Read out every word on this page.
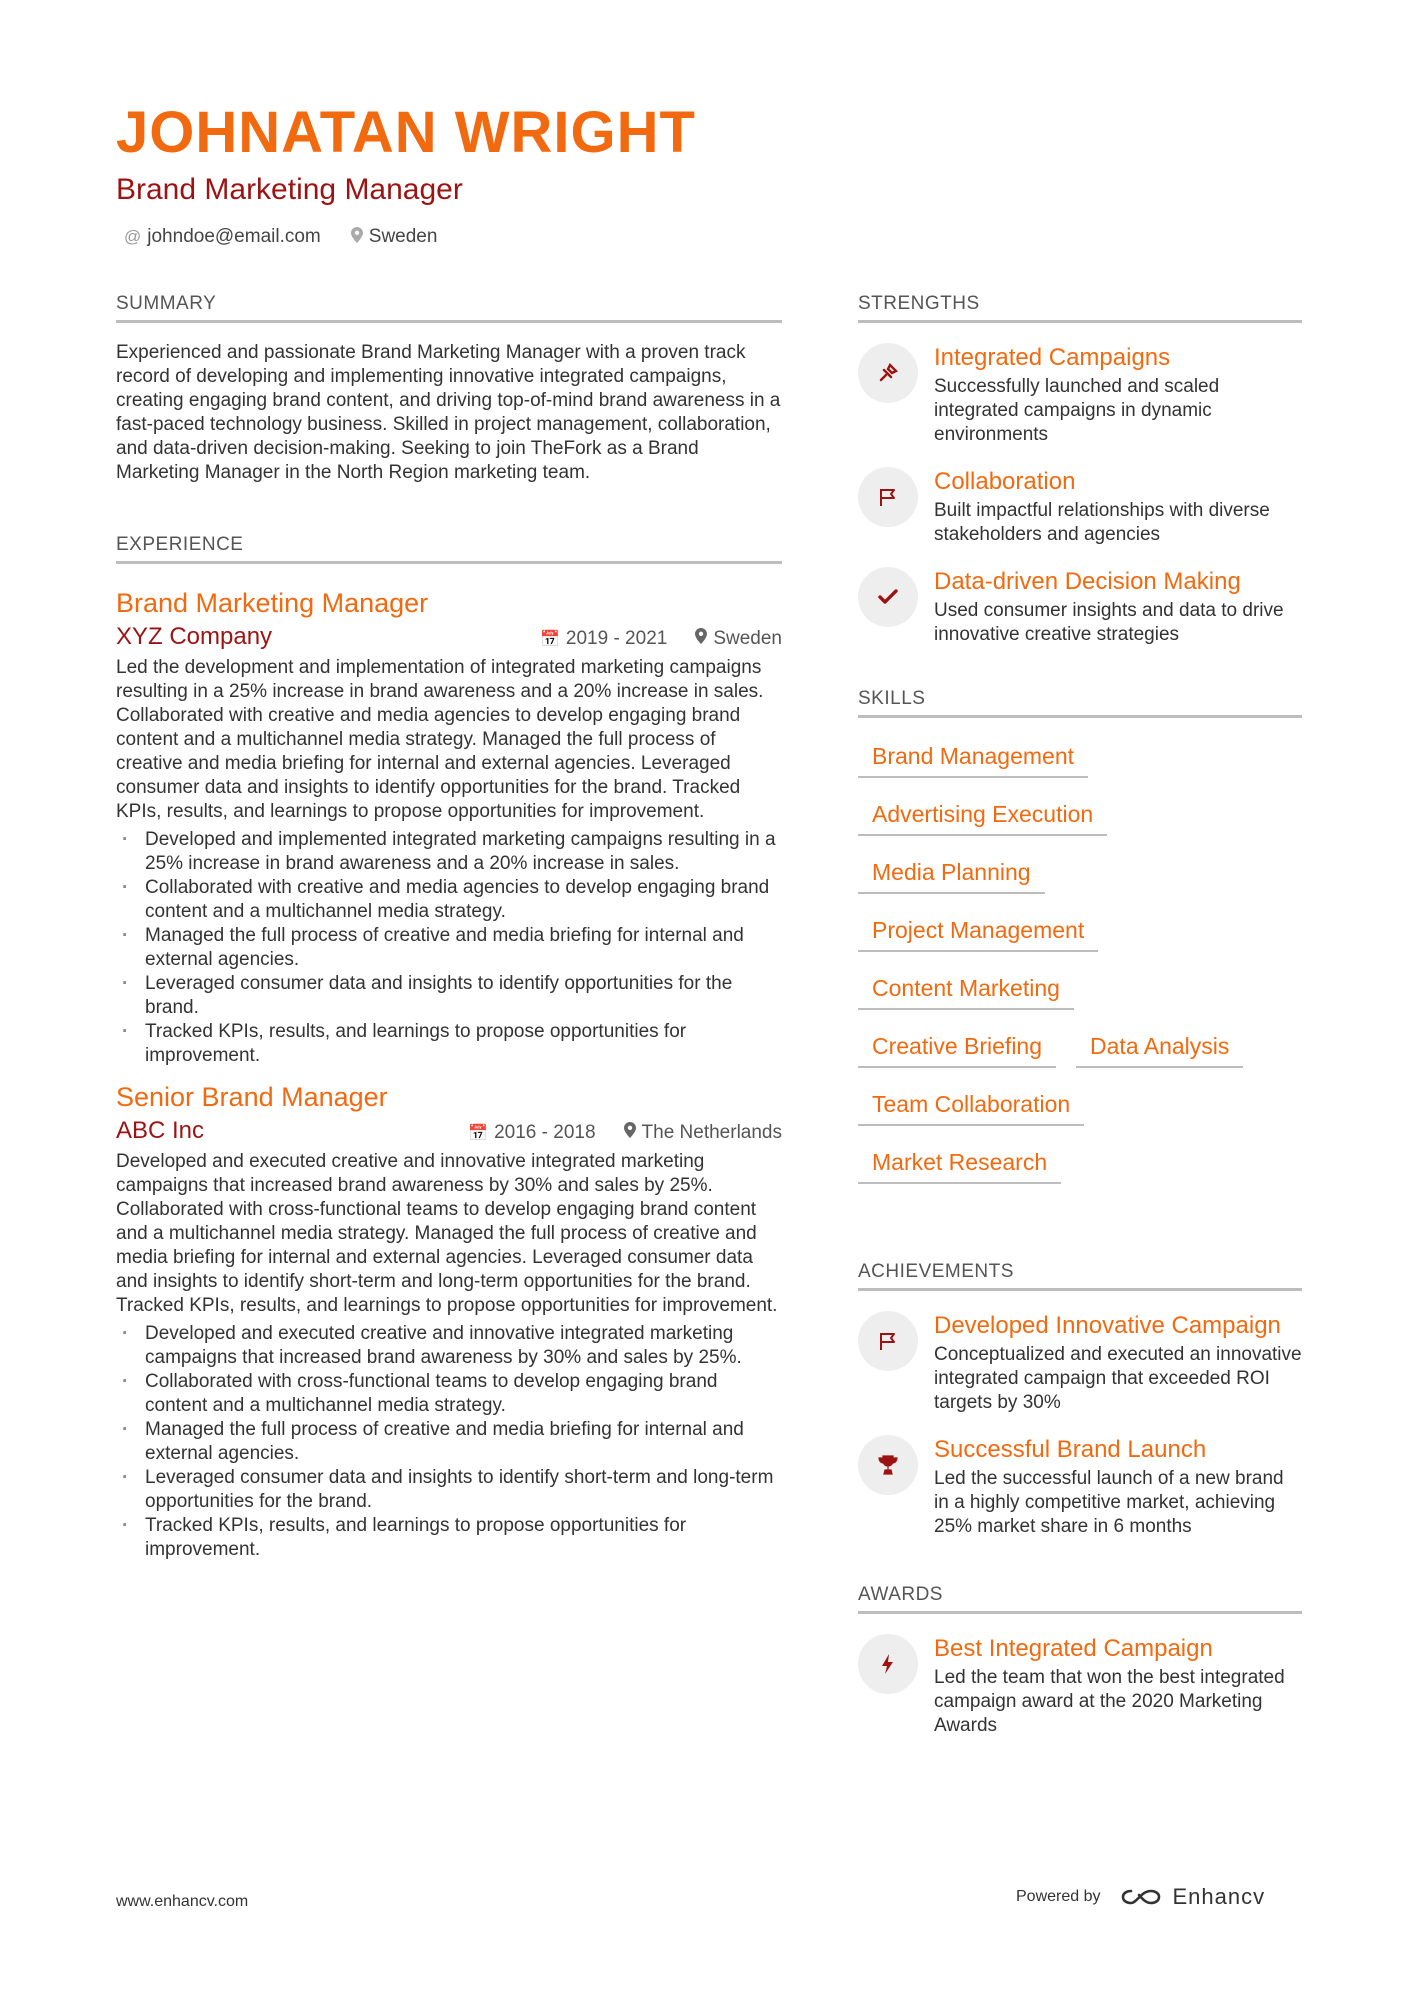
JOHNATAN WRIGHT
Brand Marketing Manager
@ johndoe@email.com	Sweden
SUMMARY
Experienced and passionate Brand Marketing Manager with a proven track record of developing and implementing innovative integrated campaigns, creating engaging brand content, and driving top-of-mind brand awareness in a fast-paced technology business. Skilled in project management, collaboration, and data-driven decision-making. Seeking to join TheFork as a Brand Marketing Manager in the North Region marketing team.
EXPERIENCE
Brand Marketing Manager
XYZ Company	📅 2019 - 2021	Sweden
Led the development and implementation of integrated marketing campaigns resulting in a 25% increase in brand awareness and a 20% increase in sales. Collaborated with creative and media agencies to develop engaging brand content and a multichannel media strategy. Managed the full process of creative and media briefing for internal and external agencies. Leveraged consumer data and insights to identify opportunities for the brand. Tracked KPIs, results, and learnings to propose opportunities for improvement.
· Developed and implemented integrated marketing campaigns resulting in a 25% increase in brand awareness and a 20% increase in sales.
· Collaborated with creative and media agencies to develop engaging brand content and a multichannel media strategy.
· Managed the full process of creative and media briefing for internal and external agencies.
· Leveraged consumer data and insights to identify opportunities for the brand.
· Tracked KPIs, results, and learnings to propose opportunities for improvement.
Senior Brand Manager
ABC Inc	📅 2016 - 2018	The Netherlands
Developed and executed creative and innovative integrated marketing campaigns that increased brand awareness by 30% and sales by 25%. Collaborated with cross-functional teams to develop engaging brand content and a multichannel media strategy. Managed the full process of creative and media briefing for internal and external agencies. Leveraged consumer data and insights to identify short-term and long-term opportunities for the brand. Tracked KPIs, results, and learnings to propose opportunities for improvement.
· Developed and executed creative and innovative integrated marketing campaigns that increased brand awareness by 30% and sales by 25%.
· Collaborated with cross-functional teams to develop engaging brand content and a multichannel media strategy.
· Managed the full process of creative and media briefing for internal and external agencies.
· Leveraged consumer data and insights to identify short-term and long-term opportunities for the brand.
· Tracked KPIs, results, and learnings to propose opportunities for improvement.
STRENGTHS
Integrated Campaigns
Successfully launched and scaled integrated campaigns in dynamic environments
Collaboration
Built impactful relationships with diverse stakeholders and agencies
Data-driven Decision Making
Used consumer insights and data to drive innovative creative strategies
SKILLS
Brand Management
Advertising Execution
Media Planning
Project Management
Content Marketing
Creative Briefing	Data Analysis
Team Collaboration
Market Research
ACHIEVEMENTS
Developed Innovative Campaign
Conceptualized and executed an innovative integrated campaign that exceeded ROI targets by 30%
Successful Brand Launch
Led the successful launch of a new brand in a highly competitive market, achieving 25% market share in 6 months
AWARDS
Best Integrated Campaign
Led the team that won the best integrated campaign award at the 2020 Marketing Awards
www.enhancv.com	Powered by	Enhancv
